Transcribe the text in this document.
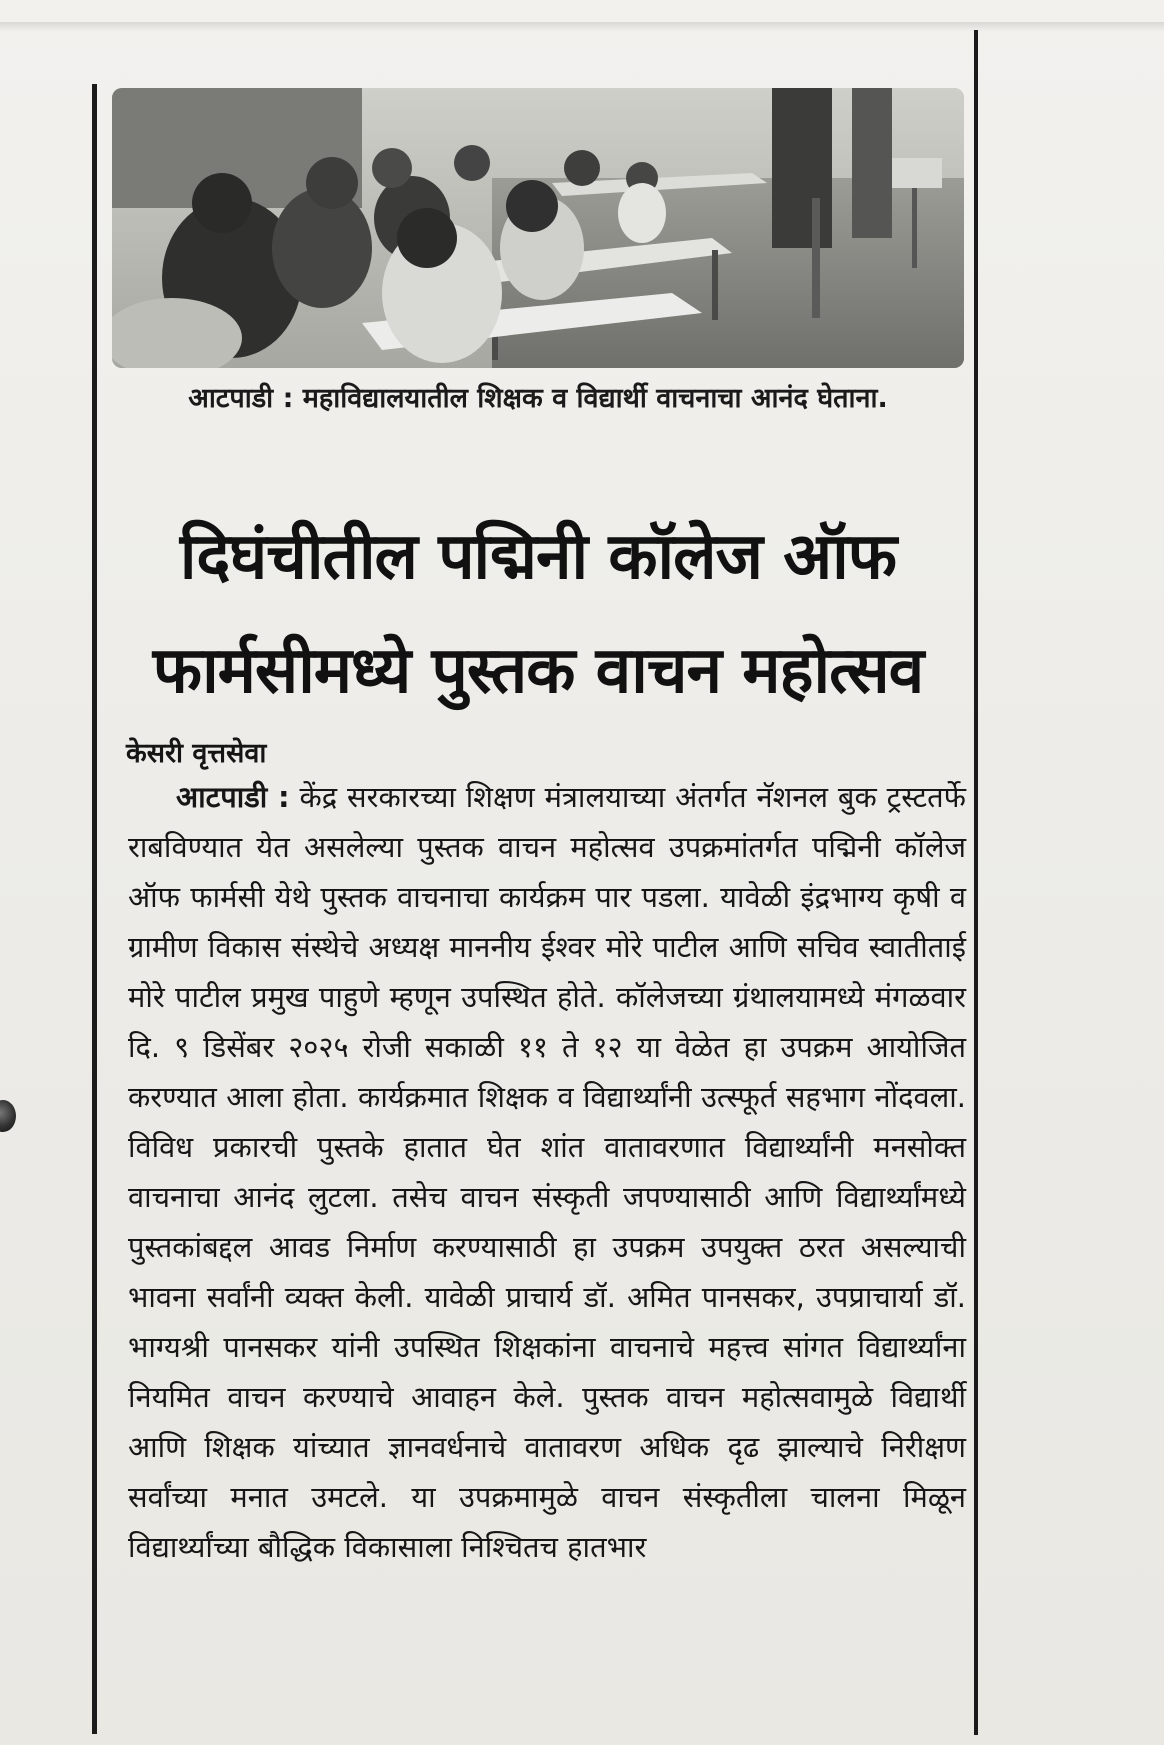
आटपाडी : महाविद्यालयातील शिक्षक व विद्यार्थी वाचनाचा आनंद घेताना.
दिघंचीतील पद्मिनी कॉलेज ऑफ फार्मसीमध्ये पुस्तक वाचन महोत्सव
केसरी वृत्तसेवा
आटपाडी : केंद्र सरकारच्या शिक्षण मंत्रालयाच्या अंतर्गत नॅशनल बुक ट्रस्टतर्फे राबविण्यात येत असलेल्या पुस्तक वाचन महोत्सव उपक्रमांतर्गत पद्मिनी कॉलेज ऑफ फार्मसी येथे पुस्तक वाचनाचा कार्यक्रम पार पडला. यावेळी इंद्रभाग्य कृषी व ग्रामीण विकास संस्थेचे अध्यक्ष माननीय ईश्वर मोरे पाटील आणि सचिव स्वातीताई मोरे पाटील प्रमुख पाहुणे म्हणून उपस्थित होते. कॉलेजच्या ग्रंथालयामध्ये मंगळवार दि. ९ डिसेंबर २०२५ रोजी सकाळी ११ ते १२ या वेळेत हा उपक्रम आयोजित करण्यात आला होता. कार्यक्रमात शिक्षक व विद्यार्थ्यांनी उत्स्फूर्त सहभाग नोंदवला. विविध प्रकारची पुस्तके हातात घेत शांत वातावरणात विद्यार्थ्यांनी मनसोक्त वाचनाचा आनंद लुटला. तसेच वाचन संस्कृती जपण्यासाठी आणि विद्यार्थ्यांमध्ये पुस्तकांबद्दल आवड निर्माण करण्यासाठी हा उपक्रम उपयुक्त ठरत असल्याची भावना सर्वांनी व्यक्त केली. यावेळी प्राचार्य डॉ. अमित पानसकर, उपप्राचार्या डॉ. भाग्यश्री पानसकर यांनी उपस्थित शिक्षकांना वाचनाचे महत्त्व सांगत विद्यार्थ्यांना नियमित वाचन करण्याचे आवाहन केले. पुस्तक वाचन महोत्सवामुळे विद्यार्थी आणि शिक्षक यांच्यात ज्ञानवर्धनाचे वातावरण अधिक दृढ झाल्याचे निरीक्षण सर्वांच्या मनात उमटले. या उपक्रमामुळे वाचन संस्कृतीला चालना मिळून विद्यार्थ्यांच्या बौद्धिक विकासाला निश्चितच हातभार
